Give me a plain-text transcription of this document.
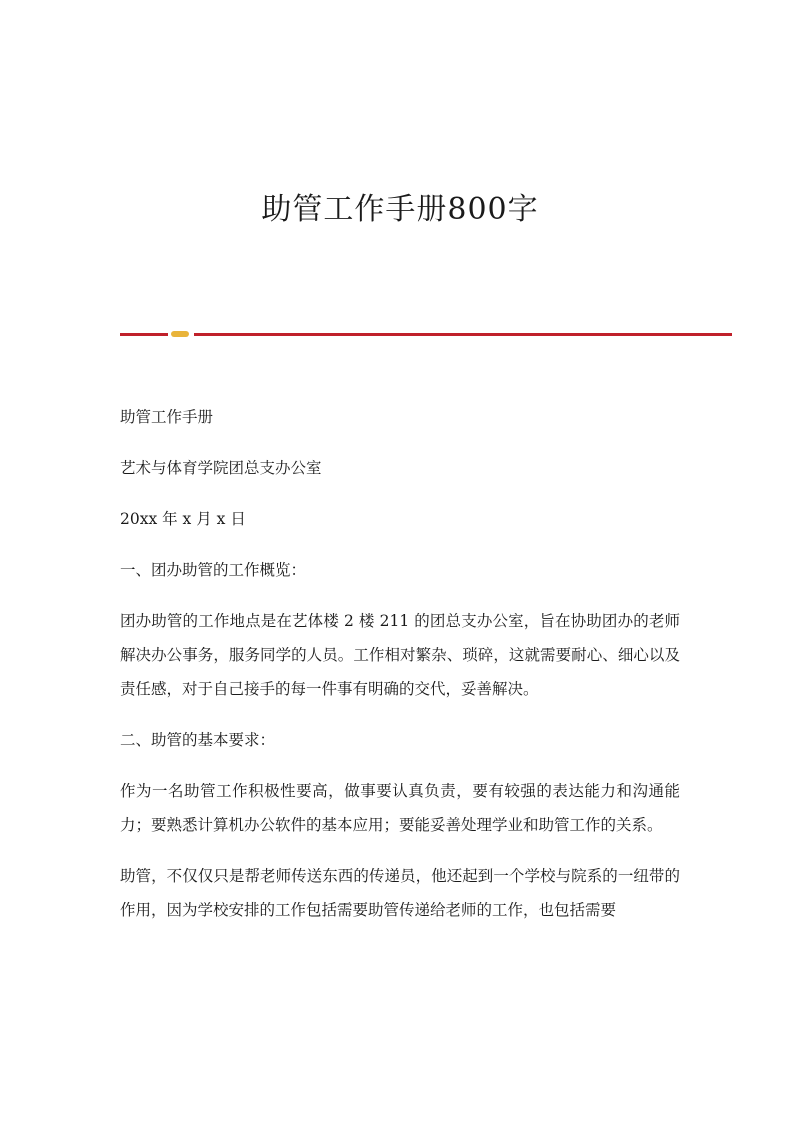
助管工作手册800字

助管工作手册

艺术与体育学院团总支办公室

20xx 年 x 月 x 日

一、团办助管的工作概览：

团办助管的工作地点是在艺体楼 2 楼 211 的团总支办公室，旨在协助团办的老师解决办公事务，服务同学的人员。工作相对繁杂、琐碎，这就需要耐心、细心以及责任感，对于自己接手的每一件事有明确的交代，妥善解决。

二、助管的基本要求：

作为一名助管工作积极性要高，做事要认真负责，要有较强的表达能力和沟通能力；要熟悉计算机办公软件的基本应用；要能妥善处理学业和助管工作的关系。

助管，不仅仅只是帮老师传送东西的传递员，他还起到一个学校与院系的一纽带的作用，因为学校安排的工作包括需要助管传递给老师的工作，也包括需要
